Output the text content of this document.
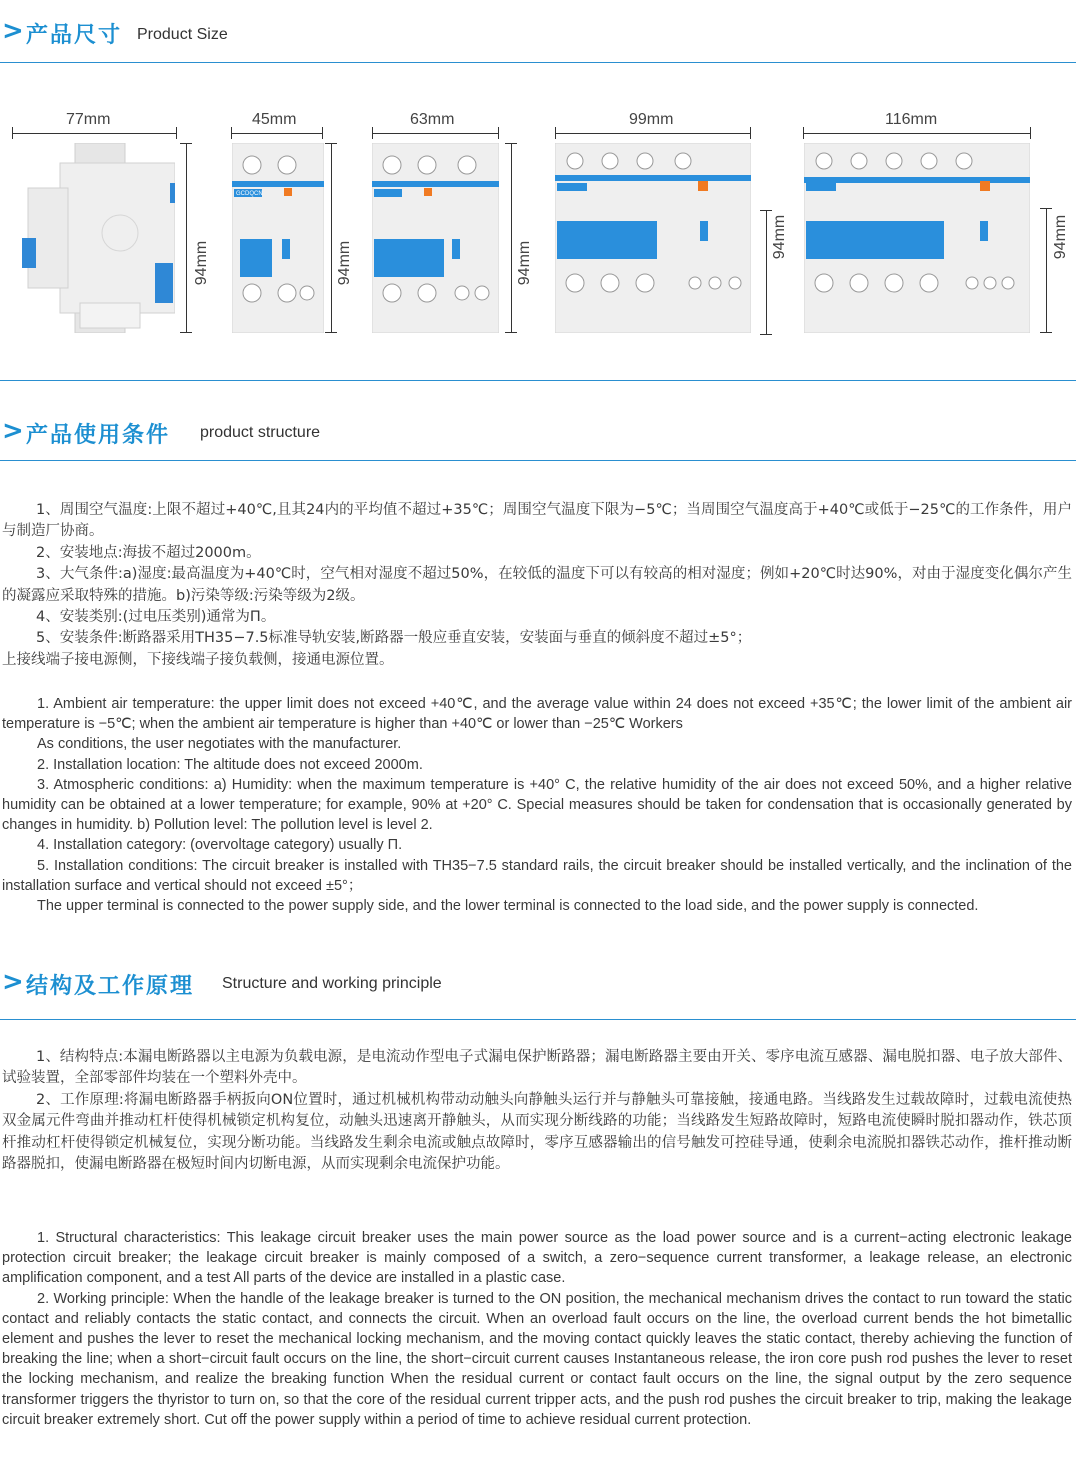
> 产品尺寸 Product Size
77mm	45mm	63mm	99mm	116mm
94mm	94mm	94mm
94mm	94mm
GCDQCN
> 产品使用条件 product structure

1、周围空气温度:上限不超过+40℃,且其24内的平均值不超过+35℃；周围空气温度下限为−5℃；当周围空气温度高于+40℃或低于−25℃的工作条件，用户与制造厂协商。

2、安装地点:海拔不超过2000m。

3、大气条件:a)湿度:最高温度为+40℃时，空气相对湿度不超过50%，在较低的温度下可以有较高的相对湿度；例如+20℃时达90%，对由于湿度变化偶尔产生的凝露应采取特殊的措施。b)污染等级:污染等级为2级。

4、安装类别:(过电压类别)通常为Π。

5、安装条件:断路器采用TH35−7.5标准导轨安装,断路器一般应垂直安装，安装面与垂直的倾斜度不超过±5°；

上接线端子接电源侧，下接线端子接负载侧，接通电源位置。

1. Ambient air temperature: the upper limit does not exceed +40℃, and the average value within 24 does not exceed +35℃; the lower limit of the ambient air temperature is −5℃; when the ambient air temperature is higher than +40℃ or lower than −25℃ Workers

As conditions, the user negotiates with the manufacturer.

2. Installation location: The altitude does not exceed 2000m.

3. Atmospheric conditions: a) Humidity: when the maximum temperature is +40° C, the relative humidity of the air does not exceed 50%, and a higher relative humidity can be obtained at a lower temperature; for example, 90% at +20° C. Special measures should be taken for condensation that is occasionally generated by changes in humidity. b) Pollution level: The pollution level is level 2.

4. Installation category: (overvoltage category) usually Π.

5. Installation conditions: The circuit breaker is installed with TH35−7.5 standard rails, the circuit breaker should be installed vertically, and the inclination of the installation surface and vertical should not exceed ±5°；

The upper terminal is connected to the power supply side, and the lower terminal is connected to the load side, and the power supply is connected.

> 结构及工作原理 Structure and working principle

1、结构特点:本漏电断路器以主电源为负载电源，是电流动作型电子式漏电保护断路器；漏电断路器主要由开关、零序电流互感器、漏电脱扣器、电子放大部件、试验装置，全部零部件均装在一个塑料外壳中。

2、工作原理:将漏电断路器手柄扳向ON位置时，通过机械机构带动动触头向静触头运行并与静触头可靠接触，接通电路。当线路发生过载故障时，过载电流使热双金属元件弯曲并推动杠杆使得机械锁定机构复位，动触头迅速离开静触头，从而实现分断线路的功能；当线路发生短路故障时，短路电流使瞬时脱扣器动作，铁芯顶杆推动杠杆使得锁定机械复位，实现分断功能。当线路发生剩余电流或触点故障时，零序互感器输出的信号触发可控硅导通，使剩余电流脱扣器铁芯动作，推杆推动断路器脱扣，使漏电断路器在极短时间内切断电源，从而实现剩余电流保护功能。

1. Structural characteristics: This leakage circuit breaker uses the main power source as the load power source and is a current−acting electronic leakage protection circuit breaker; the leakage circuit breaker is mainly composed of a switch, a zero−sequence current transformer, a leakage release, an electronic amplification component, and a test All parts of the device are installed in a plastic case.

2. Working principle: When the handle of the leakage breaker is turned to the ON position, the mechanical mechanism drives the contact to run toward the static contact and reliably contacts the static contact, and connects the circuit. When an overload fault occurs on the line, the overload current bends the hot bimetallic element and pushes the lever to reset the mechanical locking mechanism, and the moving contact quickly leaves the static contact, thereby achieving the function of breaking the line; when a short−circuit fault occurs on the line, the short−circuit current causes Instantaneous release, the iron core push rod pushes the lever to reset the locking mechanism, and realize the breaking function When the residual current or contact fault occurs on the line, the signal output by the zero sequence transformer triggers the thyristor to turn on, so that the core of the residual current tripper acts, and the push rod pushes the circuit breaker to trip, making the leakage circuit breaker extremely short. Cut off the power supply within a period of time to achieve residual current protection.
